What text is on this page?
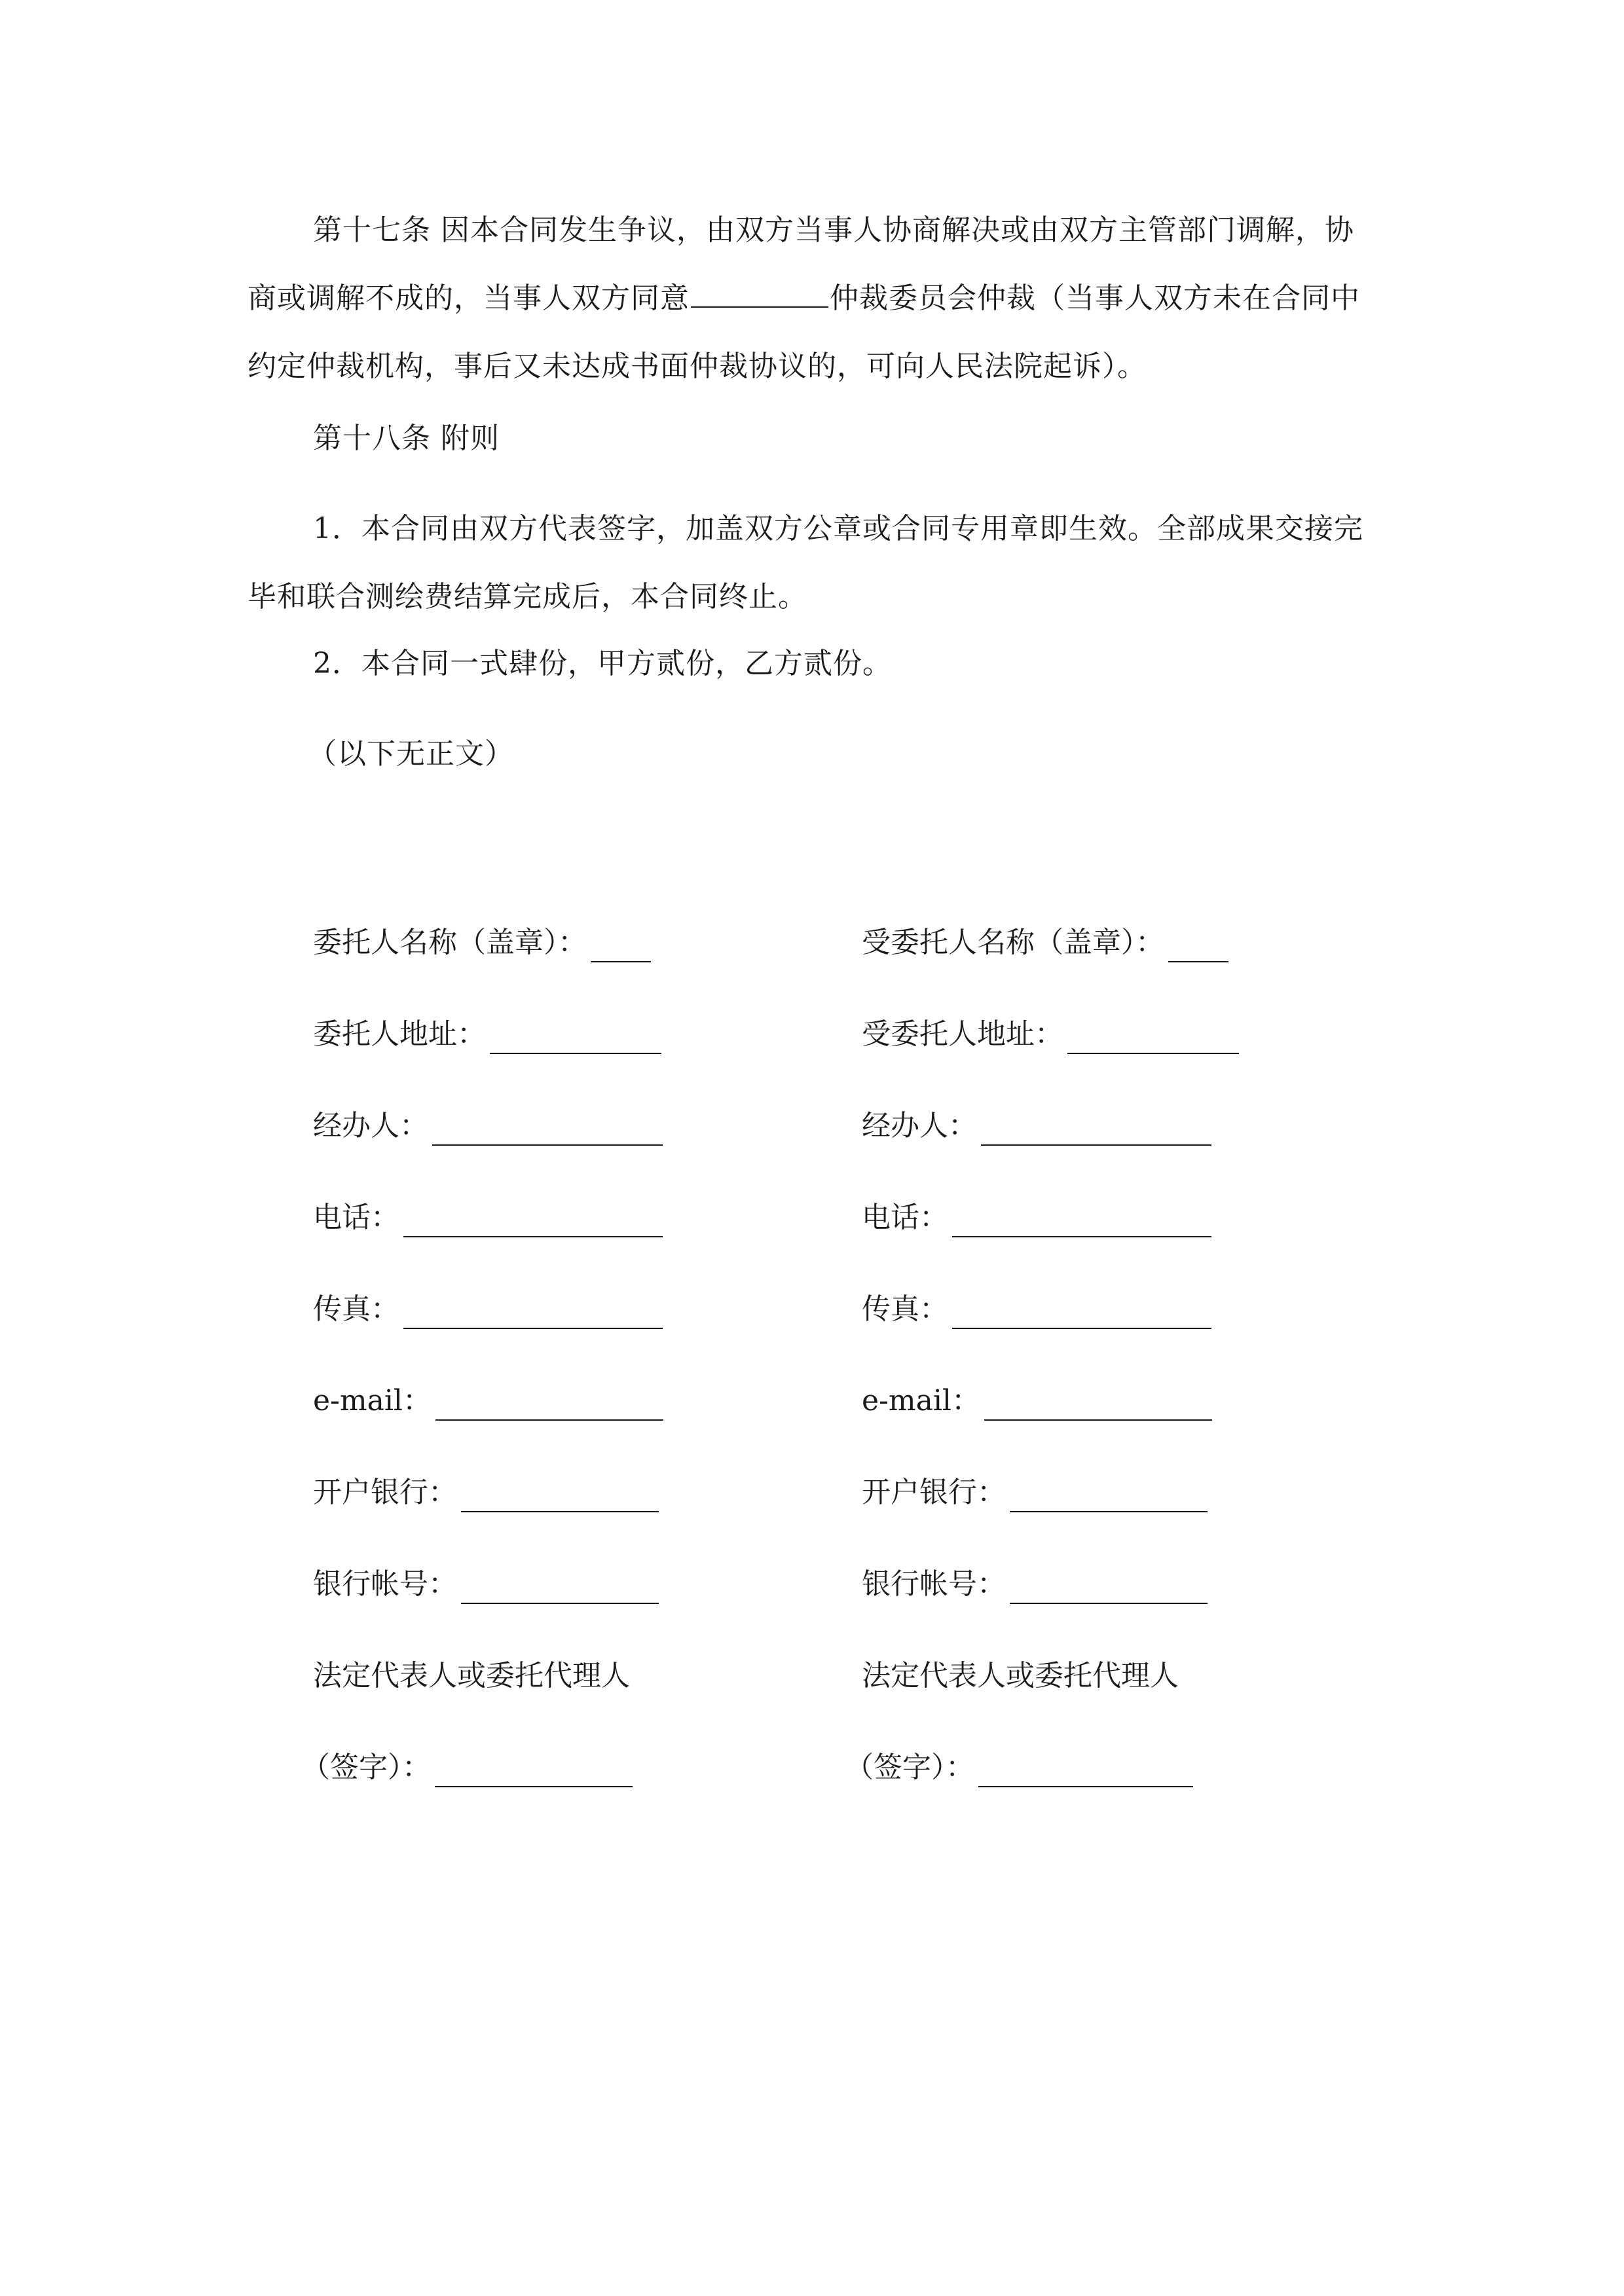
第十七条 因本合同发生争议，由双方当事人协商解决或由双方主管部门调解，协商或调解不成的，当事人双方同意	仲裁委员会仲裁（当事人双方未在合同中约定仲裁机构，事后又未达成书面仲裁协议的，可向人民法院起诉）。

第十八条 附则

1．本合同由双方代表签字，加盖双方公章或合同专用章即生效。全部成果交接完毕和联合测绘费结算完成后，本合同终止。

2．本合同一式肆份，甲方贰份，乙方贰份。

（以下无正文）

委托人名称（盖章）：
委托人地址：
经办人：
电话：
传真：
e-mail：
开户银行：
银行帐号：
法定代表人或委托代理人
（签字）：
受委托人名称（盖章）：
受委托人地址：
经办人：
电话：
传真：
e-mail：
开户银行：
银行帐号：
法定代表人或委托代理人
（签字）：
